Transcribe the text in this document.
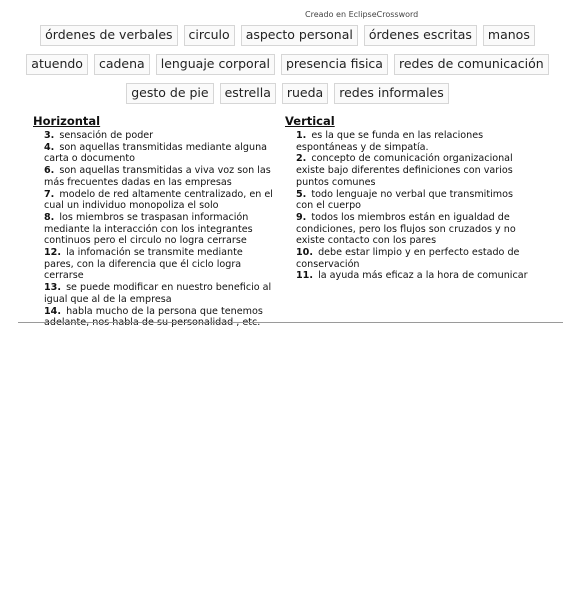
Creado en EclipseCrossword
órdenes de verbales	circulo	aspecto personal	órdenes escritas	manos
atuendo	cadena	lenguaje corporal	presencia fisica	redes de comunicación
gesto de pie	estrella	rueda	redes informales
Horizontal
3. sensación de poder
4. son aquellas transmitidas mediante alguna carta o documento
6. son aquellas transmitidas a viva voz son las más frecuentes dadas en las empresas
7. modelo de red altamente centralizado, en el cual un individuo monopoliza el solo
8. los miembros se traspasan información mediante la interacción con los integrantes continuos pero el circulo no logra cerrarse
12. la infomación se transmite mediante pares, con la diferencia que él ciclo logra cerrarse
13. se puede modificar en nuestro beneficio al igual que al de la empresa
14. habla mucho de la persona que tenemos adelante, nos habla de su personalidad , etc.
Vertical
1. es la que se funda en las relaciones espontáneas y de simpatía.
2. concepto de comunicación organizacional existe bajo diferentes definiciones con varios puntos comunes
5. todo lenguaje no verbal que transmitimos con el cuerpo
9. todos los miembros están en igualdad de condiciones, pero los flujos son cruzados y no existe contacto con los pares
10. debe estar limpio y en perfecto estado de conservación
11. la ayuda más eficaz a la hora de comunicar
